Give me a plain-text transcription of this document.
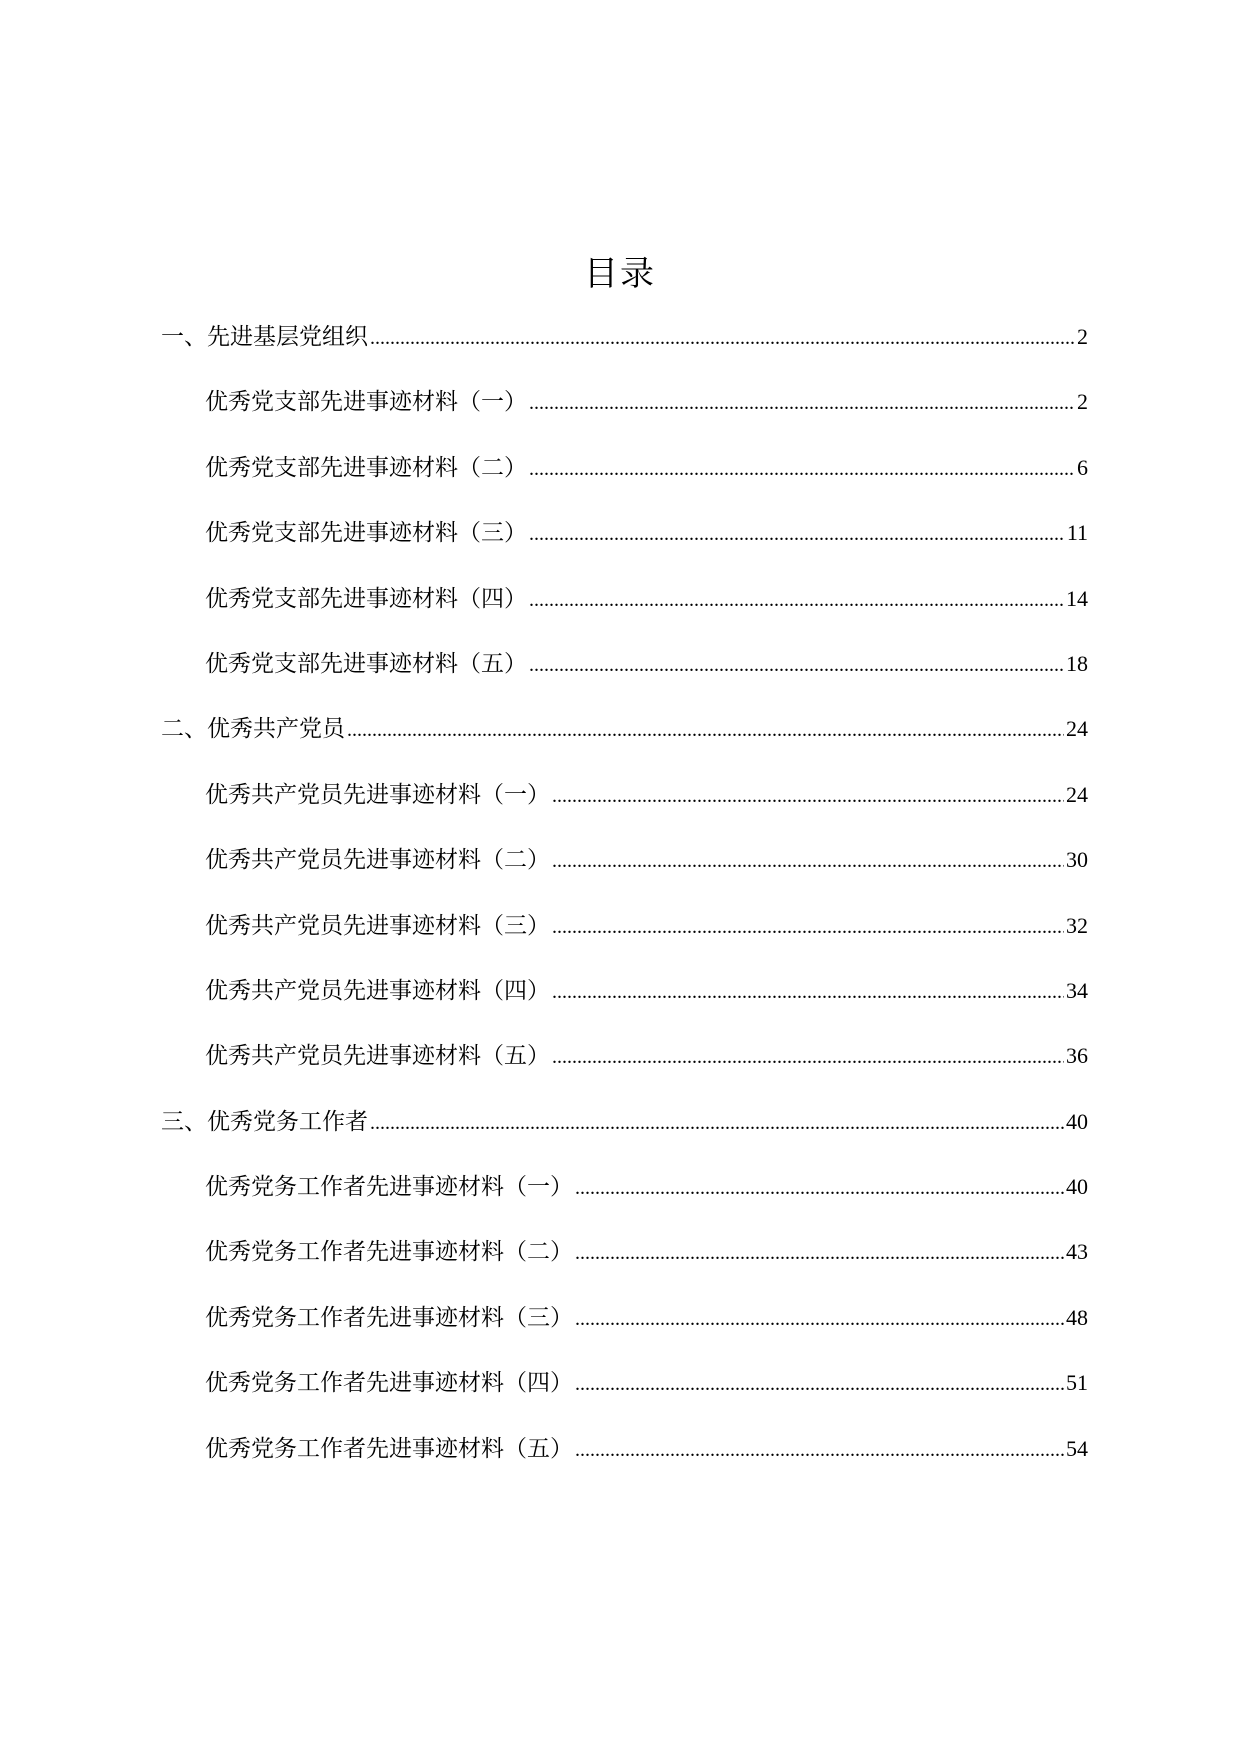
目录
一、先进基层党组织 .....	2
优秀党支部先进事迹材料（一） .....	2
优秀党支部先进事迹材料（二） .....	6
优秀党支部先进事迹材料（三） .....	11
优秀党支部先进事迹材料（四） .....	14
优秀党支部先进事迹材料（五） .....	18
二、优秀共产党员 .....	24
优秀共产党员先进事迹材料（一） .....	24
优秀共产党员先进事迹材料（二） .....	30
优秀共产党员先进事迹材料（三） .....	32
优秀共产党员先进事迹材料（四） .....	34
优秀共产党员先进事迹材料（五） .....	36
三、优秀党务工作者 .....	40
优秀党务工作者先进事迹材料（一） .....	40
优秀党务工作者先进事迹材料（二） .....	43
优秀党务工作者先进事迹材料（三） .....	48
优秀党务工作者先进事迹材料（四） .....	51
优秀党务工作者先进事迹材料（五） .....	54
